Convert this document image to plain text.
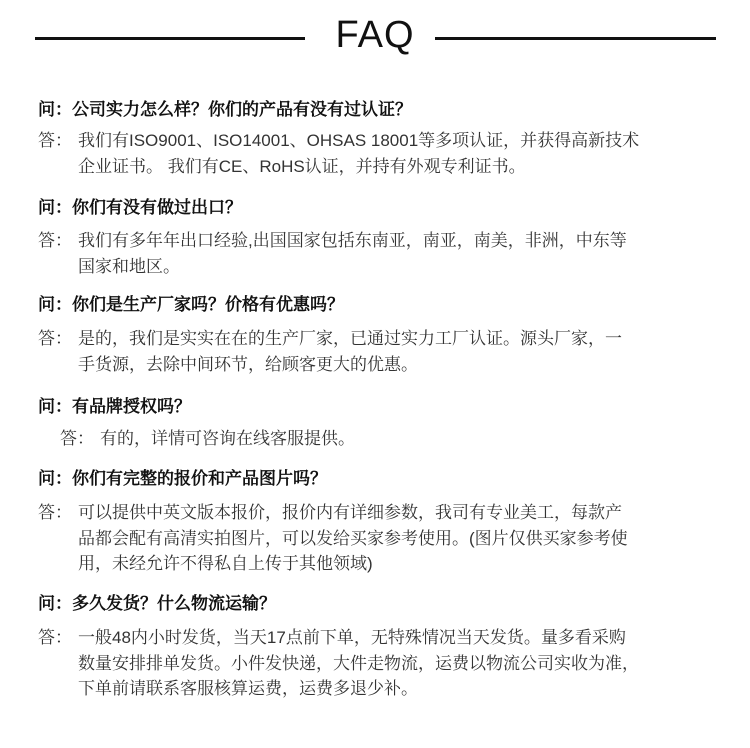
FAQ
问：公司实力怎么样？你们的产品有没有过认证？
答： 我们有ISO9001、ISO14001、OHSAS 18001等多项认证，并获得高新技术
企业证书。 我们有CE、RoHS认证，并持有外观专利证书。
问：你们有没有做过出口？
答： 我们有多年年出口经验,出国国家包括东南亚，南亚，南美，非洲，中东等
国家和地区。
问：你们是生产厂家吗？价格有优惠吗？
答： 是的，我们是实实在在的生产厂家，已通过实力工厂认证。源头厂家，一
手货源，去除中间环节，给顾客更大的优惠。
问：有品牌授权吗？
答： 有的，详情可咨询在线客服提供。
问：你们有完整的报价和产品图片吗？
答： 可以提供中英文版本报价，报价内有详细参数，我司有专业美工，每款产
品都会配有高清实拍图片，可以发给买家参考使用。(图片仅供买家参考使
用，未经允许不得私自上传于其他领域)
问：多久发货？什么物流运输？
答： 一般48内小时发货，当天17点前下单，无特殊情况当天发货。量多看采购
数量安排排单发货。小件发快递，大件走物流，运费以物流公司实收为准，
下单前请联系客服核算运费，运费多退少补。
